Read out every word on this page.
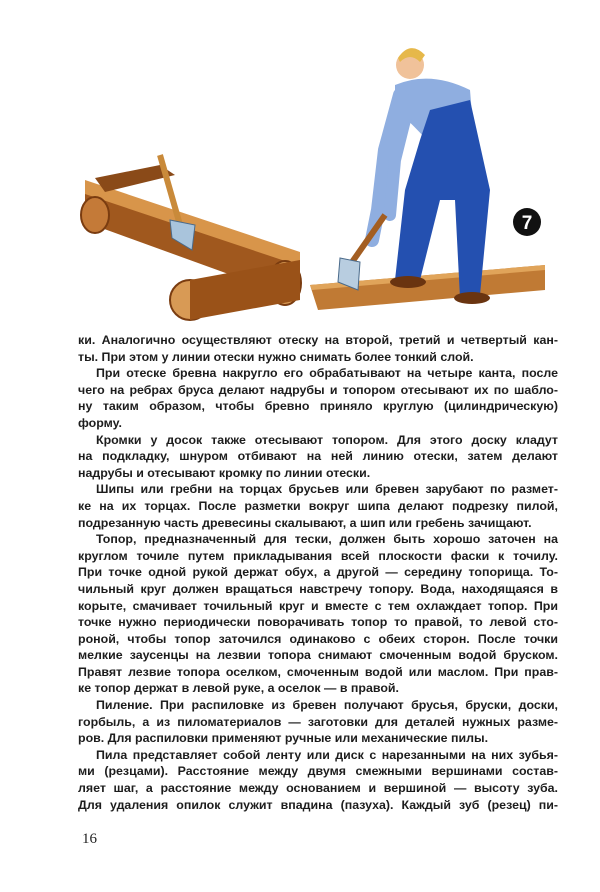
7
ки. Аналогично осуществляют отеску на второй, третий и четвертый кан-
ты. При этом у линии отески нужно снимать более тонкий слой.
При отеске бревна накругло его обрабатывают на четыре канта, после
чего на ребрах бруса делают надрубы и топором отесывают их по шабло-
ну таким образом, чтобы бревно приняло круглую (цилиндрическую)
форму.
Кромки у досок также отесывают топором. Для этого доску кладут
на подкладку, шнуром отбивают на ней линию отески, затем делают
надрубы и отесывают кромку по линии отески.
Шипы или гребни на торцах брусьев или бревен зарубают по размет-
ке на их торцах. После разметки вокруг шипа делают подрезку пилой,
подрезанную часть древесины скалывают, а шип или гребень зачищают.
Топор, предназначенный для тески, должен быть хорошо заточен на
круглом точиле путем прикладывания всей плоскости фаски к точилу.
При точке одной рукой держат обух, а другой — середину топорища. То-
чильный круг должен вращаться навстречу топору. Вода, находящаяся в
корыте, смачивает точильный круг и вместе с тем охлаждает топор. При
точке нужно периодически поворачивать топор то правой, то левой сто-
роной, чтобы топор заточился одинаково с обеих сторон. После точки
мелкие заусенцы на лезвии топора снимают смоченным водой бруском.
Правят лезвие топора оселком, смоченным водой или маслом. При прав-
ке топор держат в левой руке, а оселок — в правой.
Пиление. При распиловке из бревен получают брусья, бруски, доски,
горбыль, а из пиломатериалов — заготовки для деталей нужных разме-
ров. Для распиловки применяют ручные или механические пилы.
Пила представляет собой ленту или диск с нарезанными на них зубья-
ми (резцами). Расстояние между двумя смежными вершинами состав-
ляет шаг, а расстояние между основанием и вершиной — высоту зуба.
Для удаления опилок служит впадина (пазуха). Каждый зуб (резец) пи-
16
